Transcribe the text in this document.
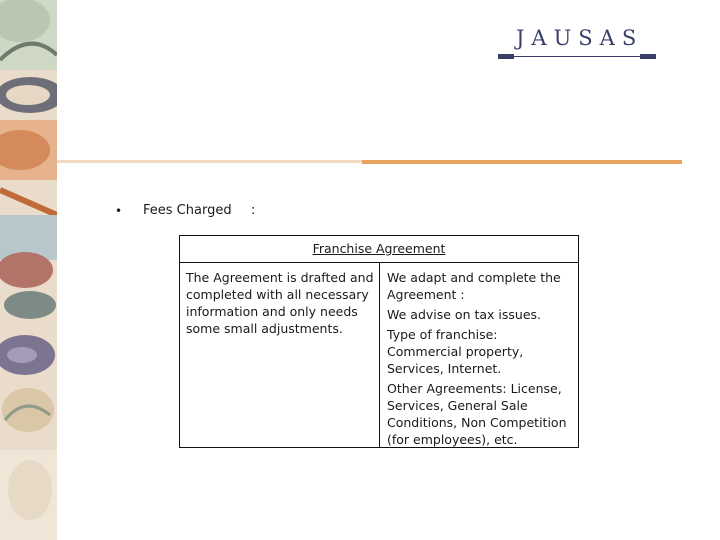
JAUSAS
• Fees Charged :
Franchise Agreement
The Agreement is drafted and completed with all necessary information and only needs some small adjustments.

We adapt and complete the Agreement :

We advise on tax issues.

Type of franchise: Commercial property, Services, Internet.

Other Agreements: License, Services, General Sale Conditions, Non Competition (for employees), etc.
